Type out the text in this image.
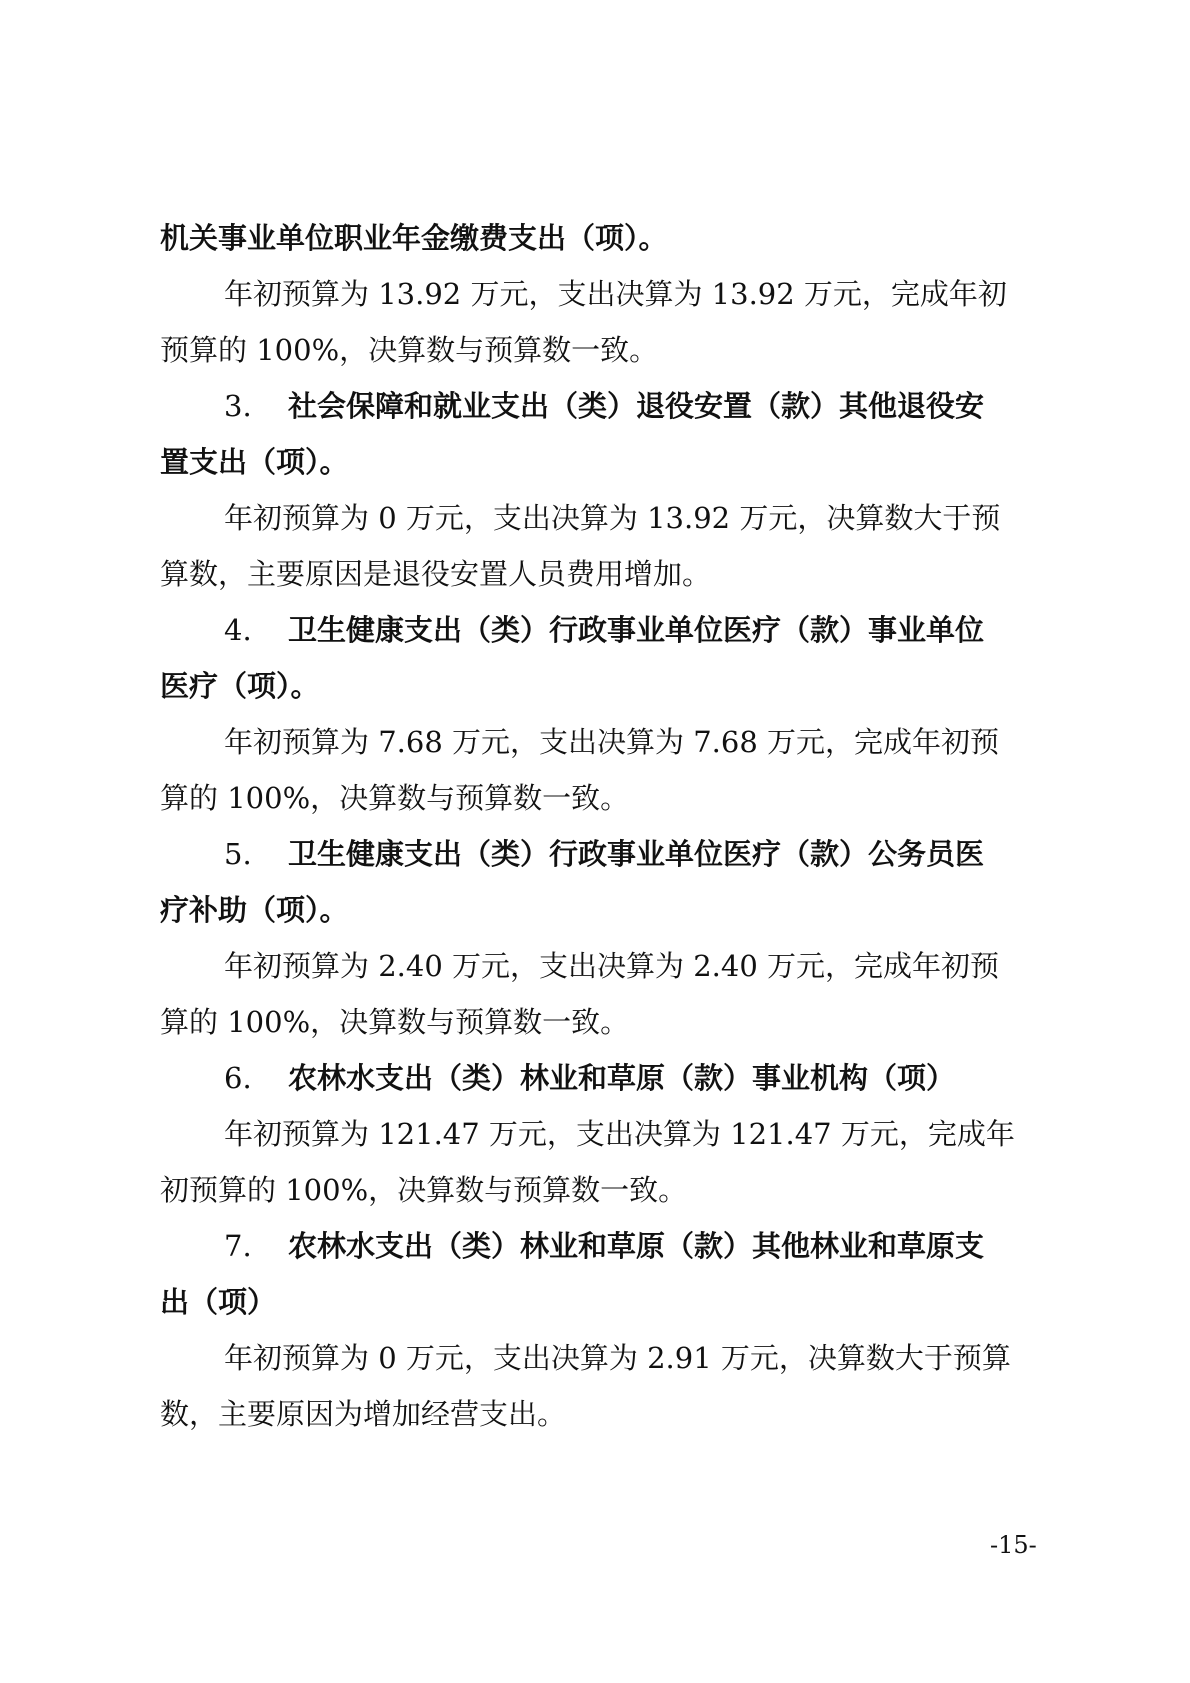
机关事业单位职业年金缴费支出（项）。
年初预算为 13.92 万元，支出决算为 13.92 万元，完成年初
预算的 100%，决算数与预算数一致。
3. 社会保障和就业支出（类）退役安置（款）其他退役安
置支出（项）。
年初预算为 0 万元，支出决算为 13.92 万元，决算数大于预
算数，主要原因是退役安置人员费用增加。
4. 卫生健康支出（类）行政事业单位医疗（款）事业单位
医疗（项）。
年初预算为 7.68 万元，支出决算为 7.68 万元，完成年初预
算的 100%，决算数与预算数一致。
5. 卫生健康支出（类）行政事业单位医疗（款）公务员医
疗补助（项）。
年初预算为 2.40 万元，支出决算为 2.40 万元，完成年初预
算的 100%，决算数与预算数一致。
6. 农林水支出（类）林业和草原（款）事业机构（项）
年初预算为 121.47 万元，支出决算为 121.47 万元，完成年
初预算的 100%，决算数与预算数一致。
7. 农林水支出（类）林业和草原（款）其他林业和草原支
出（项）
年初预算为 0 万元，支出决算为 2.91 万元，决算数大于预算
数，主要原因为增加经营支出。
-15-
